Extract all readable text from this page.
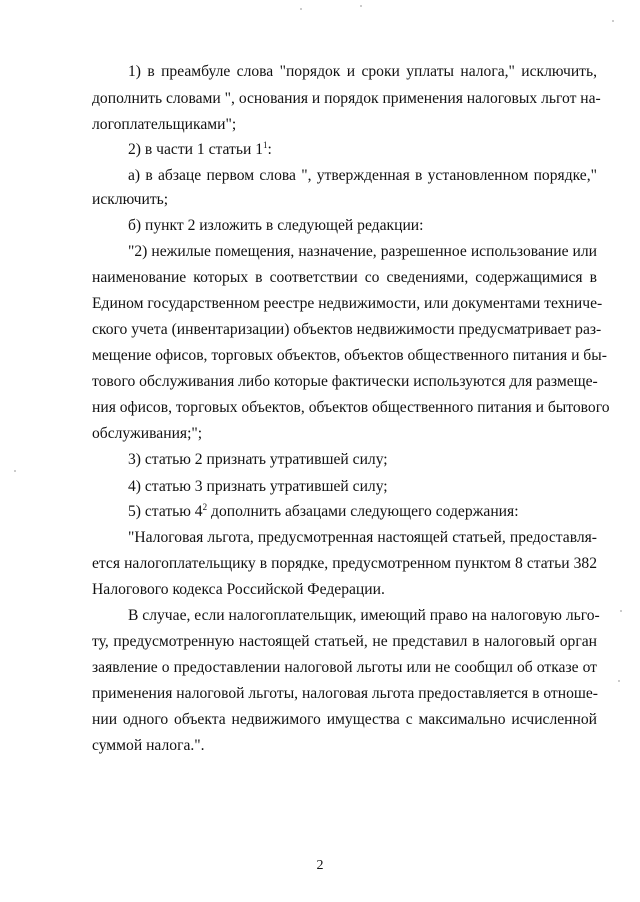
1) в преамбуле слова "порядок и сроки уплаты налога," исключить,
дополнить словами ", основания и порядок применения налоговых льгот на-
логоплательщиками";
2) в части 1 статьи $1^1$:
а) в абзаце первом слова ", утвержденная в установленном порядке,"
исключить;
б) пункт 2 изложить в следующей редакции:
"2) нежилые помещения, назначение, разрешенное использование или
наименование которых в соответствии со сведениями, содержащимися в
Едином государственном реестре недвижимости, или документами техниче-
ского учета (инвентаризации) объектов недвижимости предусматривает раз-
мещение офисов, торговых объектов, объектов общественного питания и бы-
тового обслуживания либо которые фактически используются для размеще-
ния офисов, торговых объектов, объектов общественного питания и бытового
обслуживания;";
3) статью 2 признать утратившей силу;
4) статью 3 признать утратившей силу;
5) статью $4^2$ дополнить абзацами следующего содержания:
"Налоговая льгота, предусмотренная настоящей статьей, предоставля-
ется налогоплательщику в порядке, предусмотренном пунктом 8 статьи 382
Налогового кодекса Российской Федерации.
В случае, если налогоплательщик, имеющий право на налоговую льго-
ту, предусмотренную настоящей статьей, не представил в налоговый орган
заявление о предоставлении налоговой льготы или не сообщил об отказе от
применения налоговой льготы, налоговая льгота предоставляется в отноше-
нии одного объекта недвижимого имущества с максимально исчисленной
суммой налога.".
2
